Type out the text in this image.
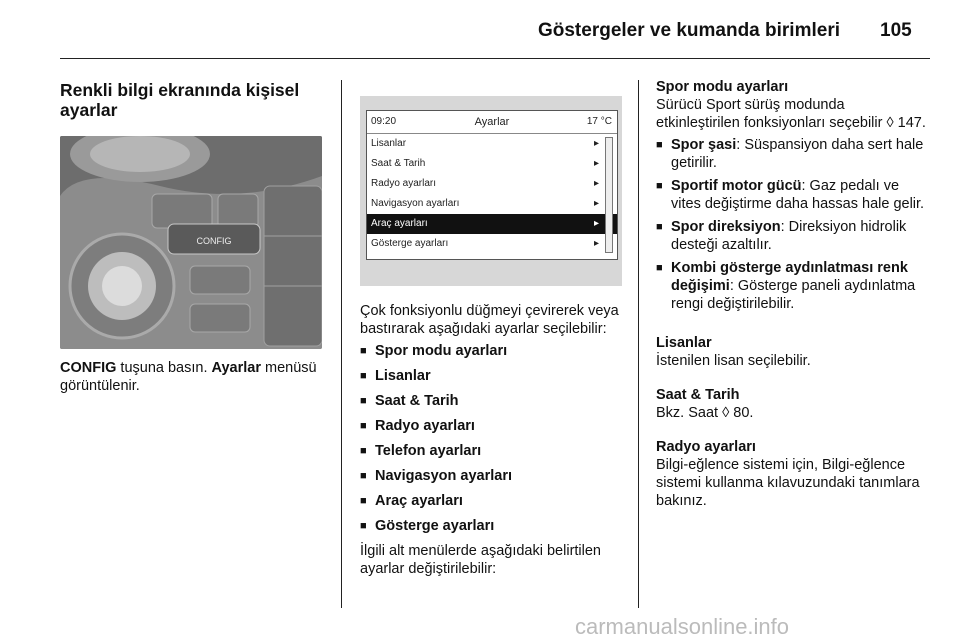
Göstergeler ve kumanda birimleri 105
Renkli bilgi ekranında kişisel ayarlar
CONFIG

CONFIG tuşuna basın. Ayarlar menüsü görüntülenir.

09:20	Ayarlar	17 °C
Lisanlar	▸
Saat & Tarih	▸
Radyo ayarları	▸
Navigasyon ayarları	▸
Araç ayarları	▸
Gösterge ayarları	▸

Çok fonksiyonlu düğmeyi çevirerek veya bastırarak aşağıdaki ayarlar seçilebilir:

■ Spor modu ayarları
■ Lisanlar
■ Saat & Tarih
■ Radyo ayarları
■ Telefon ayarları
■ Navigasyon ayarları
■ Araç ayarları
■ Gösterge ayarları

İlgili alt menülerde aşağıdaki belirtilen ayarlar değiştirilebilir:

Spor modu ayarları

Sürücü Sport sürüş modunda etkinleştirilen fonksiyonları seçebilir ◊ 147.

■ Spor şasi: Süspansiyon daha sert hale getirilir.
■ Sportif motor gücü: Gaz pedalı ve vites değiştirme daha hassas hale gelir.
■ Spor direksiyon: Direksiyon hidrolik desteği azaltılır.
■ Kombi gösterge aydınlatması renk değişimi: Gösterge paneli aydınlatma rengi değiştirilebilir.

Lisanlar

İstenilen lisan seçilebilir.

Saat & Tarih

Bkz. Saat ◊ 80.

Radyo ayarları

Bilgi-eğlence sistemi için, Bilgi-eğlence sistemi kullanma kılavuzundaki tanımlara bakınız.

carmanualsonline.info
